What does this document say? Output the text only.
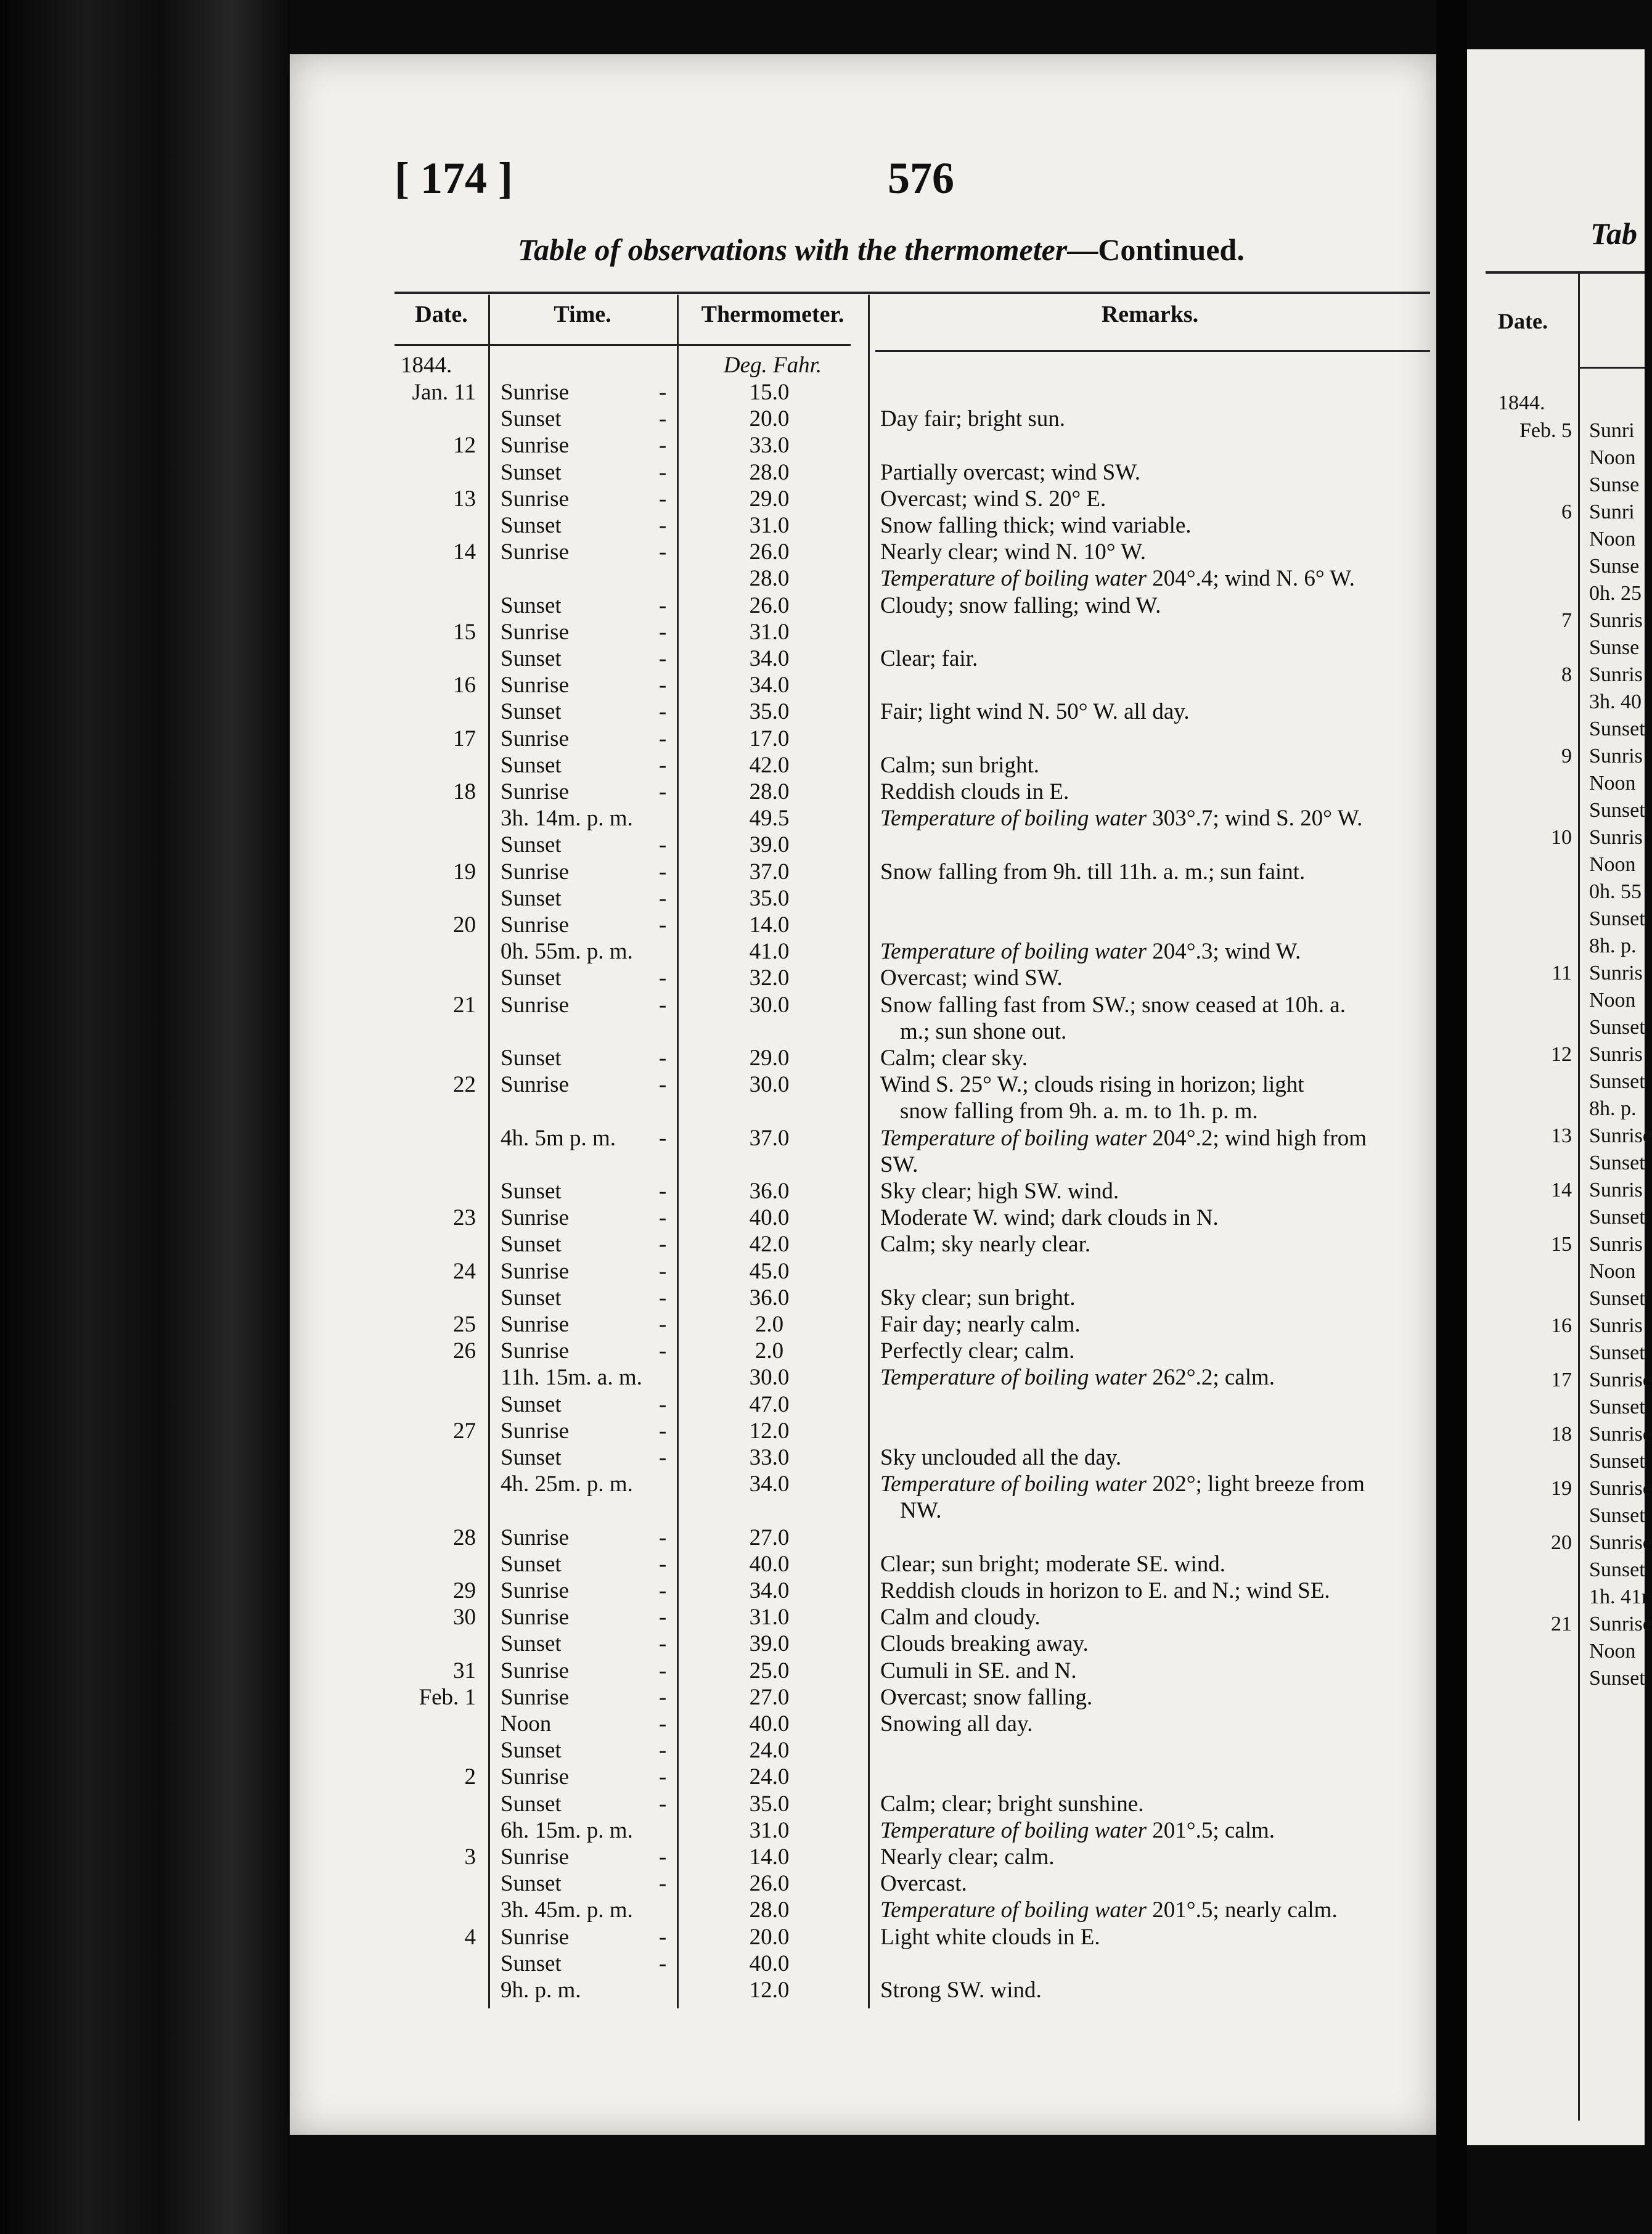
[ 174 ]	576
Table of observations with the thermometer—Continued.
Date.	Time.	Thermometer.	Remarks.
1844.	Deg. Fahr.
Jan. 11 Sunrise	-	15.0
Sunset	-	20.0	Day fair; bright sun.
12 Sunrise	-	33.0
Sunset	-	28.0	Partially overcast; wind SW.
13 Sunrise	-	29.0	Overcast; wind S. 20° E.
Sunset	-	31.0	Snow falling thick; wind variable.
14 Sunrise	-	26.0	Nearly clear; wind N. 10° W.
28.0	Temperature of boiling water 204°.4; wind N. 6° W.
Sunset	-	26.0	Cloudy; snow falling; wind W.
15 Sunrise	-	31.0
Sunset	-	34.0	Clear; fair.
16 Sunrise	-	34.0
Sunset	-	35.0	Fair; light wind N. 50° W. all day.
17 Sunrise	-	17.0
Sunset	-	42.0	Calm; sun bright.
18 Sunrise	-	28.0	Reddish clouds in E.
3h. 14m. p. m.	49.5	Temperature of boiling water 303°.7; wind S. 20° W.
Sunset	-	39.0
19 Sunrise	-	37.0	Snow falling from 9h. till 11h. a. m.; sun faint.
Sunset	-	35.0
20 Sunrise	-	14.0
0h. 55m. p. m.	41.0	Temperature of boiling water 204°.3; wind W.
Sunset	-	32.0	Overcast; wind SW.
21 Sunrise	-	30.0	Snow falling fast from SW.; snow ceased at 10h. a.
m.; sun shone out.
Sunset	-	29.0	Calm; clear sky.
22 Sunrise	-	30.0	Wind S. 25° W.; clouds rising in horizon; light
snow falling from 9h. a. m. to 1h. p. m.
4h. 5m p. m.	-	37.0	Temperature of boiling water 204°.2; wind high from
SW.
Sunset	-	36.0	Sky clear; high SW. wind.
23 Sunrise	-	40.0	Moderate W. wind; dark clouds in N.
Sunset	-	42.0	Calm; sky nearly clear.
24 Sunrise	-	45.0
Sunset	-	36.0	Sky clear; sun bright.
25 Sunrise	-	2.0	Fair day; nearly calm.
26 Sunrise	-	2.0	Perfectly clear; calm.
11h. 15m. a. m.	30.0	Temperature of boiling water 262°.2; calm.
Sunset	-	47.0
27 Sunrise	-	12.0
Sunset	-	33.0	Sky unclouded all the day.
4h. 25m. p. m.	34.0	Temperature of boiling water 202°; light breeze from
NW.
28 Sunrise	-	27.0
Sunset	-	40.0	Clear; sun bright; moderate SE. wind.
29 Sunrise	-	34.0	Reddish clouds in horizon to E. and N.; wind SE.
30 Sunrise	-	31.0	Calm and cloudy.
Sunset	-	39.0	Clouds breaking away.
31 Sunrise	-	25.0	Cumuli in SE. and N.
Feb. 1 Sunrise	-	27.0	Overcast; snow falling.
Noon	-	40.0	Snowing all day.
Sunset	-	24.0
2 Sunrise	-	24.0
Sunset	-	35.0	Calm; clear; bright sunshine.
6h. 15m. p. m.	31.0	Temperature of boiling water 201°.5; calm.
3 Sunrise	-	14.0	Nearly clear; calm.
Sunset	-	26.0	Overcast.
3h. 45m. p. m.	28.0	Temperature of boiling water 201°.5; nearly calm.
4 Sunrise	-	20.0	Light white clouds in E.
Sunset	-	40.0
9h. p. m.	12.0	Strong SW. wind.
Tab
Date.
1844.
Feb. 5 Sunri
Noon
Sunse
6 Sunri
Noon
Sunse
0h. 25
7 Sunris
Sunse
8 Sunris
3h. 40
Sunset
9 Sunris
Noon
Sunset
10 Sunris
Noon
0h. 55
Sunset
8h. p.
11 Sunris
Noon
Sunset
12 Sunris
Sunset
8h. p.
13 Sunrise
Sunset
14 Sunris
Sunset
15 Sunris
Noon
Sunset
16 Sunris
Sunset
17 Sunrise
Sunset
18 Sunrise
Sunset
19 Sunrise
Sunset
20 Sunrise
Sunset
1h. 41r
21 Sunrise
Noon
Sunset
